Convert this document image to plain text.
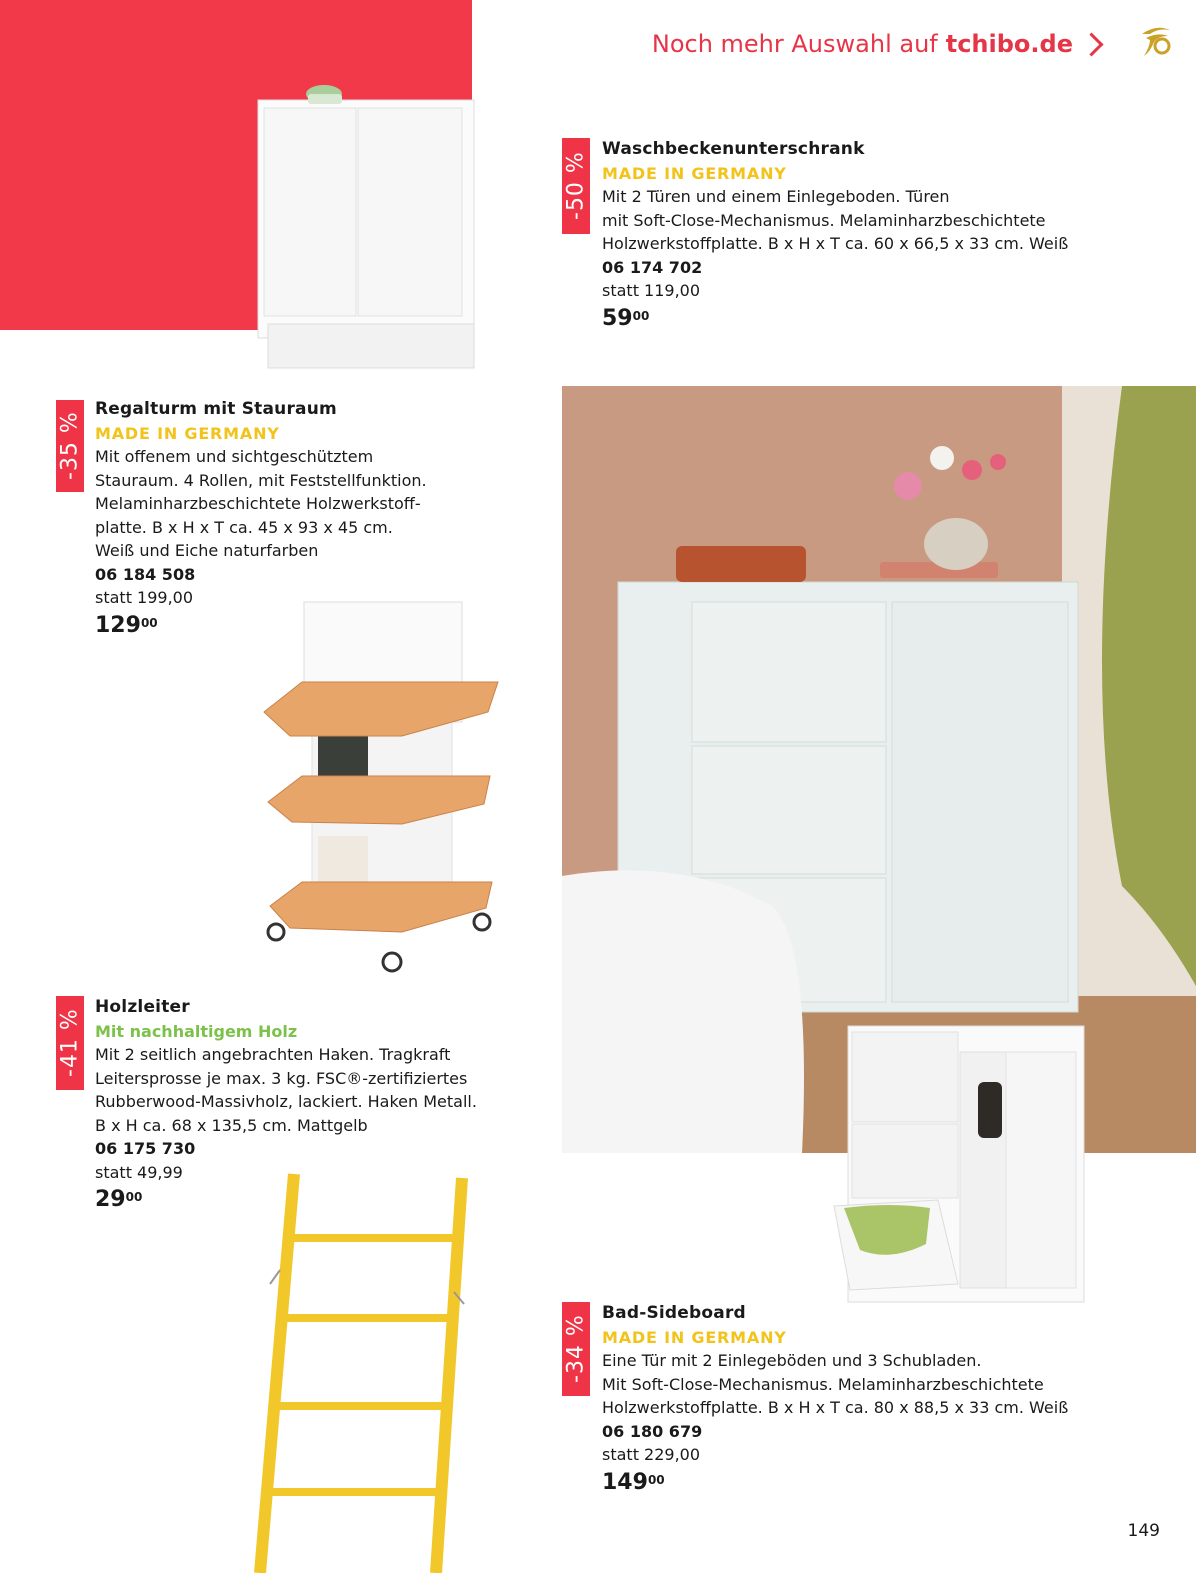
Noch mehr Auswahl auf tchibo.de
-50 %
Waschbeckenunterschrank
MADE IN GERMANY
Mit 2 Türen und einem Einlegeboden. Türen
mit Soft-Close-Mechanismus. Melaminharzbeschichtete
Holzwerkstoffplatte. B x H x T ca. 60 x 66,5 x 33 cm. Weiß
06 174 702
statt 119,00
$59^{00}$
-35 %
Regalturm mit Stauraum
MADE IN GERMANY
Mit offenem und sichtgeschütztem
Stauraum. 4 Rollen, mit Feststellfunktion.
Melaminharzbeschichtete Holzwerkstoff-
platte. B x H x T ca. 45 x 93 x 45 cm.
Weiß und Eiche naturfarben
06 184 508
statt 199,00
$129^{00}$
-41 %
Holzleiter
Mit nachhaltigem Holz
Mit 2 seitlich angebrachten Haken. Tragkraft
Leitersprosse je max. 3 kg. FSC®-zertifiziertes
Rubberwood-Massivholz, lackiert. Haken Metall.
B x H ca. 68 x 135,5 cm. Mattgelb
06 175 730
statt 49,99
$29^{00}$
-34 %
Bad-Sideboard
MADE IN GERMANY
Eine Tür mit 2 Einlegeböden und 3 Schubladen.
Mit Soft-Close-Mechanismus. Melaminharzbeschichtete
Holzwerkstoffplatte. B x H x T ca. 80 x 88,5 x 33 cm. Weiß
06 180 679
statt 229,00
$149^{00}$
149
